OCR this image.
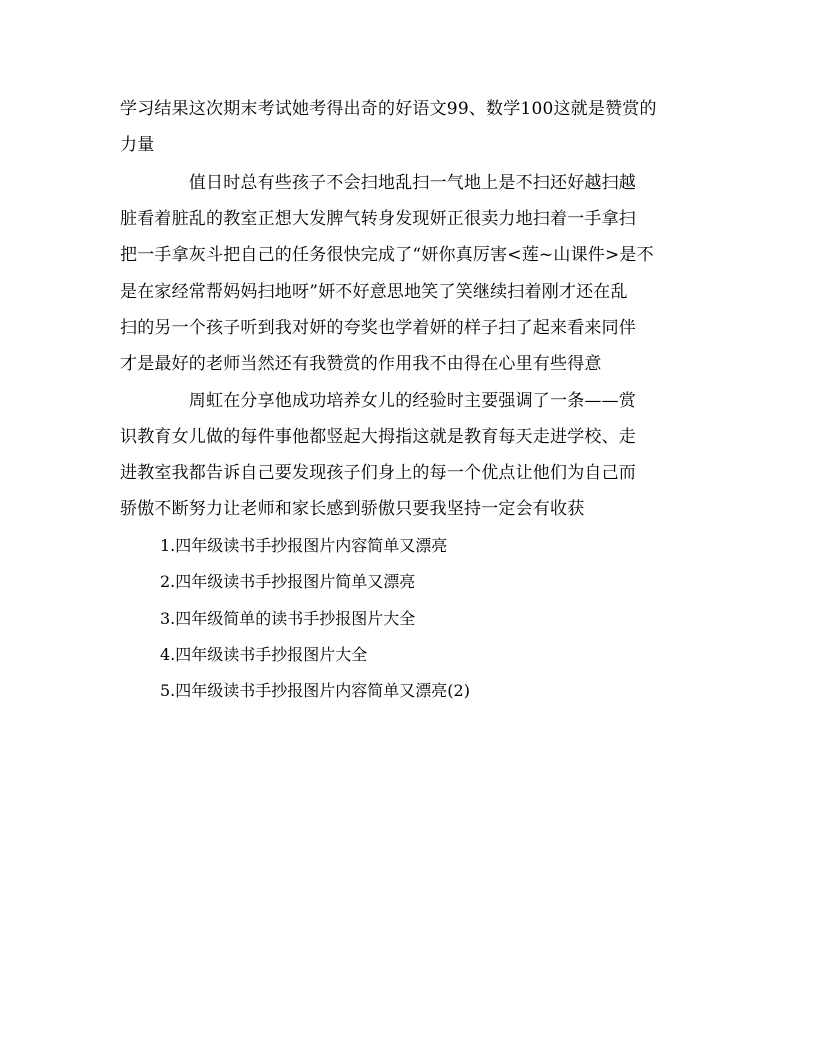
学习结果这次期末考试她考得出奇的好语文99、数学100这就是赞赏的
力量
　　　　值日时总有些孩子不会扫地乱扫一气地上是不扫还好越扫越
脏看着脏乱的教室正想大发脾气转身发现妍正很卖力地扫着一手拿扫
把一手拿灰斗把自己的任务很快完成了“妍你真厉害<莲~山课件>是不
是在家经常帮妈妈扫地呀”妍不好意思地笑了笑继续扫着刚才还在乱
扫的另一个孩子听到我对妍的夸奖也学着妍的样子扫了起来看来同伴
才是最好的老师当然还有我赞赏的作用我不由得在心里有些得意
　　　　周虹在分享他成功培养女儿的经验时主要强调了一条——赏
识教育女儿做的每件事他都竖起大拇指这就是教育每天走进学校、走
进教室我都告诉自己要发现孩子们身上的每一个优点让他们为自己而
骄傲不断努力让老师和家长感到骄傲只要我坚持一定会有收获
1.四年级读书手抄报图片内容简单又漂亮
2.四年级读书手抄报图片简单又漂亮
3.四年级简单的读书手抄报图片大全
4.四年级读书手抄报图片大全
5.四年级读书手抄报图片内容简单又漂亮(2)
